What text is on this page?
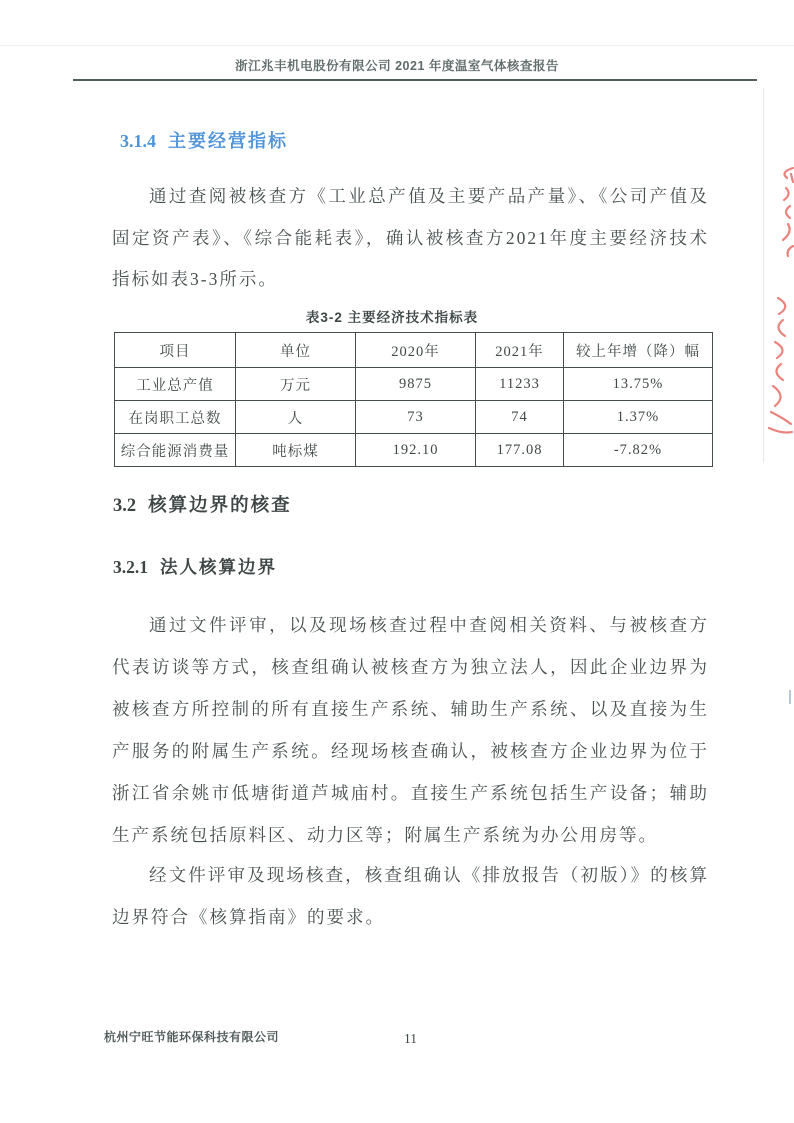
浙江兆丰机电股份有限公司 2021 年度温室气体核查报告
3.1.4 主要经营指标
通过查阅被核查方《工业总产值及主要产品产量》、《公司产值及固定资产表》、《综合能耗表》，确认被核查方2021年度主要经济技术指标如表3-3所示。
表3-2 主要经济技术指标表
项目	单位	2020年	2021年	较上年增（降）幅
工业总产值	万元	9875	11233	13.75%
在岗职工总数	人	73	74	1.37%
综合能源消费量	吨标煤	192.10	177.08	-7.82%
3.2 核算边界的核查
3.2.1 法人核算边界
通过文件评审，以及现场核查过程中查阅相关资料、与被核查方代表访谈等方式，核查组确认被核查方为独立法人，因此企业边界为被核查方所控制的所有直接生产系统、辅助生产系统、以及直接为生产服务的附属生产系统。经现场核查确认，被核查方企业边界为位于浙江省余姚市低塘街道芦城庙村。直接生产系统包括生产设备；辅助生产系统包括原料区、动力区等；附属生产系统为办公用房等。
经文件评审及现场核查，核查组确认《排放报告（初版）》的核算边界符合《核算指南》的要求。
杭州宁旺节能环保科技有限公司	11
